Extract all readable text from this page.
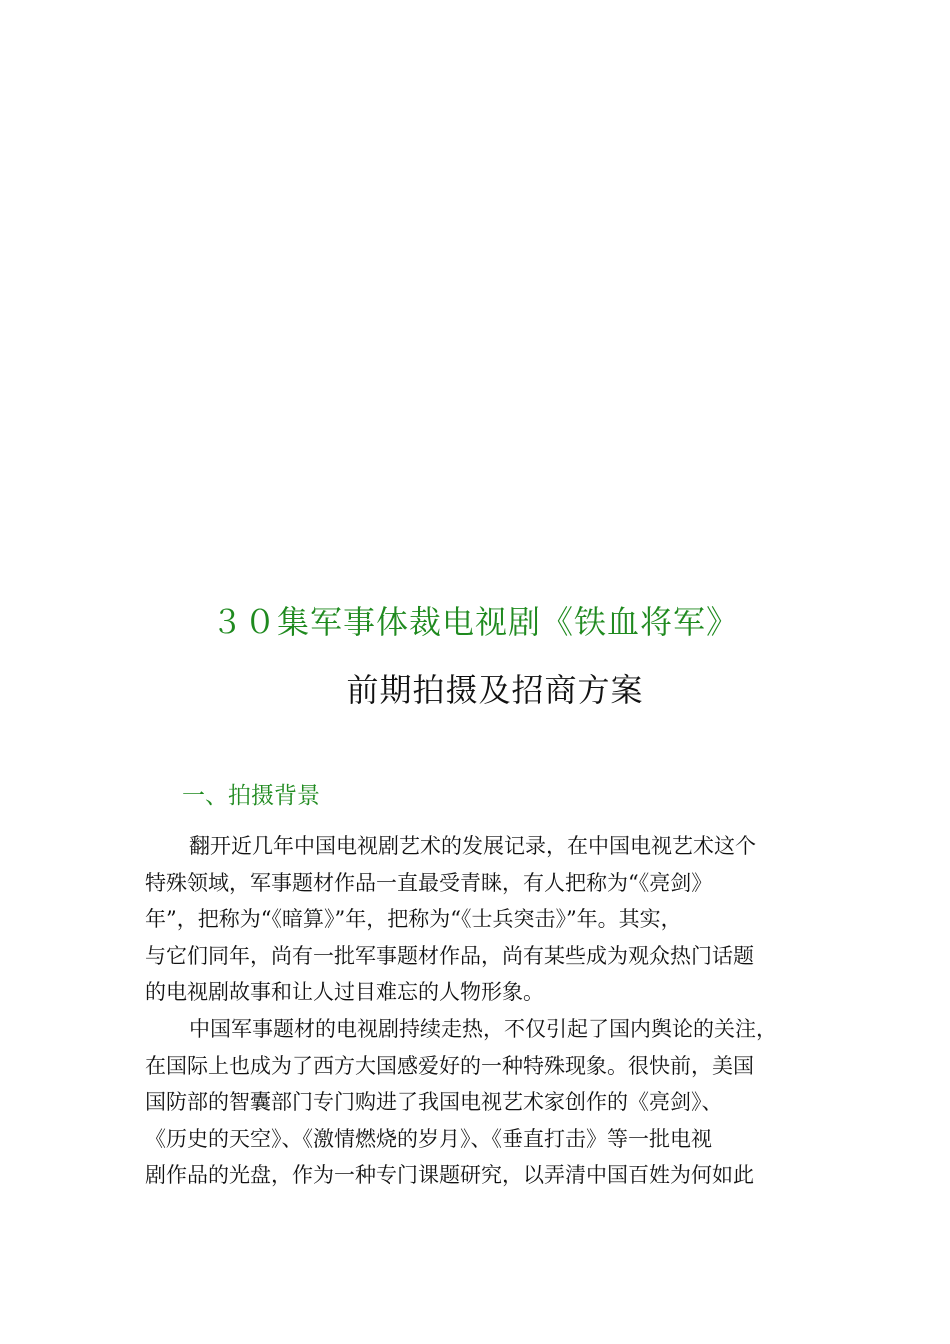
３０集军事体裁电视剧《铁血将军》
前期拍摄及招商方案
一、拍摄背景
翻开近几年中国电视剧艺术的发展记录，在中国电视艺术这个
特殊领域，军事题材作品一直最受青睐，有人把称为“《亮剑》
年”，把称为“《暗算》”年，把称为“《士兵突击》”年。其实，
与它们同年，尚有一批军事题材作品，尚有某些成为观众热门话题
的电视剧故事和让人过目难忘的人物形象。
中国军事题材的电视剧持续走热，不仅引起了国内舆论的关注，
在国际上也成为了西方大国感爱好的一种特殊现象。很快前，美国
国防部的智囊部门专门购进了我国电视艺术家创作的《亮剑》、
《历史的天空》、《激情燃烧的岁月》、《垂直打击》等一批电视
剧作品的光盘，作为一种专门课题研究，以弄清中国百姓为何如此
